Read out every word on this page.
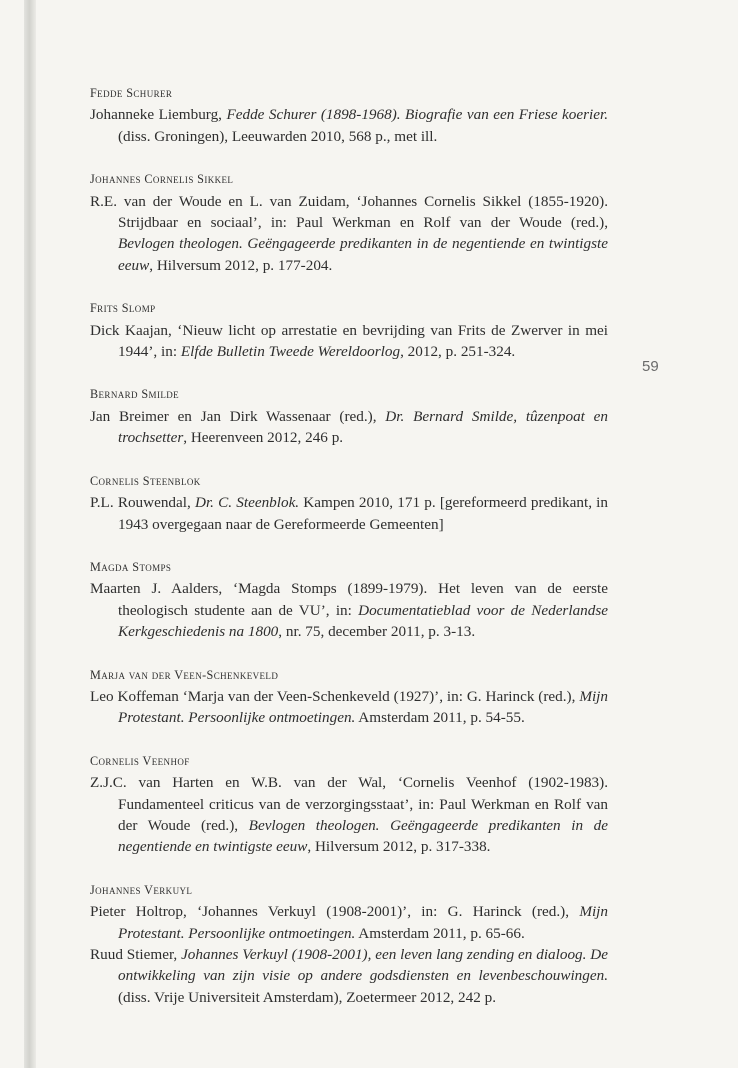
59

Fedde Schurer

Johanneke Liemburg, Fedde Schurer (1898-1968). Biografie van een Friese koerier. (diss. Groningen), Leeuwarden 2010, 568 p., met ill.

Johannes Cornelis Sikkel

R.E. van der Woude en L. van Zuidam, ‘Johannes Cornelis Sikkel (1855-1920). Strijdbaar en sociaal’, in: Paul Werkman en Rolf van der Woude (red.), Bevlogen theologen. Geëngageerde predikanten in de negentiende en twintigste eeuw, Hilversum 2012, p. 177-204.

Frits Slomp

Dick Kaajan, ‘Nieuw licht op arrestatie en bevrijding van Frits de Zwerver in mei 1944’, in: Elfde Bulletin Tweede Wereldoorlog, 2012, p. 251-324.

Bernard Smilde

Jan Breimer en Jan Dirk Wassenaar (red.), Dr. Bernard Smilde, tûzenpoat en trochsetter, Heerenveen 2012, 246 p.

Cornelis Steenblok

P.L. Rouwendal, Dr. C. Steenblok. Kampen 2010, 171 p. [gereformeerd predikant, in 1943 overgegaan naar de Gereformeerde Gemeenten]

Magda Stomps

Maarten J. Aalders, ‘Magda Stomps (1899-1979). Het leven van de eerste theologisch studente aan de VU’, in: Documentatieblad voor de Nederlandse Kerkgeschiedenis na 1800, nr. 75, december 2011, p. 3-13.

Marja van der Veen-Schenkeveld

Leo Koffeman ‘Marja van der Veen-Schenkeveld (1927)’, in: G. Harinck (red.), Mijn Protestant. Persoonlijke ontmoetingen. Amsterdam 2011, p. 54-55.

Cornelis Veenhof

Z.J.C. van Harten en W.B. van der Wal, ‘Cornelis Veenhof (1902-1983). Fundamenteel criticus van de verzorgingsstaat’, in: Paul Werkman en Rolf van der Woude (red.), Bevlogen theologen. Geëngageerde predikanten in de negentiende en twintigste eeuw, Hilversum 2012, p. 317-338.

Johannes Verkuyl

Pieter Holtrop, ‘Johannes Verkuyl (1908-2001)’, in: G. Harinck (red.), Mijn Protestant. Persoonlijke ontmoetingen. Amsterdam 2011, p. 65-66.

Ruud Stiemer, Johannes Verkuyl (1908-2001), een leven lang zending en dialoog. De ontwikkeling van zijn visie op andere godsdiensten en levenbeschouwingen. (diss. Vrije Universiteit Amsterdam), Zoetermeer 2012, 242 p.
